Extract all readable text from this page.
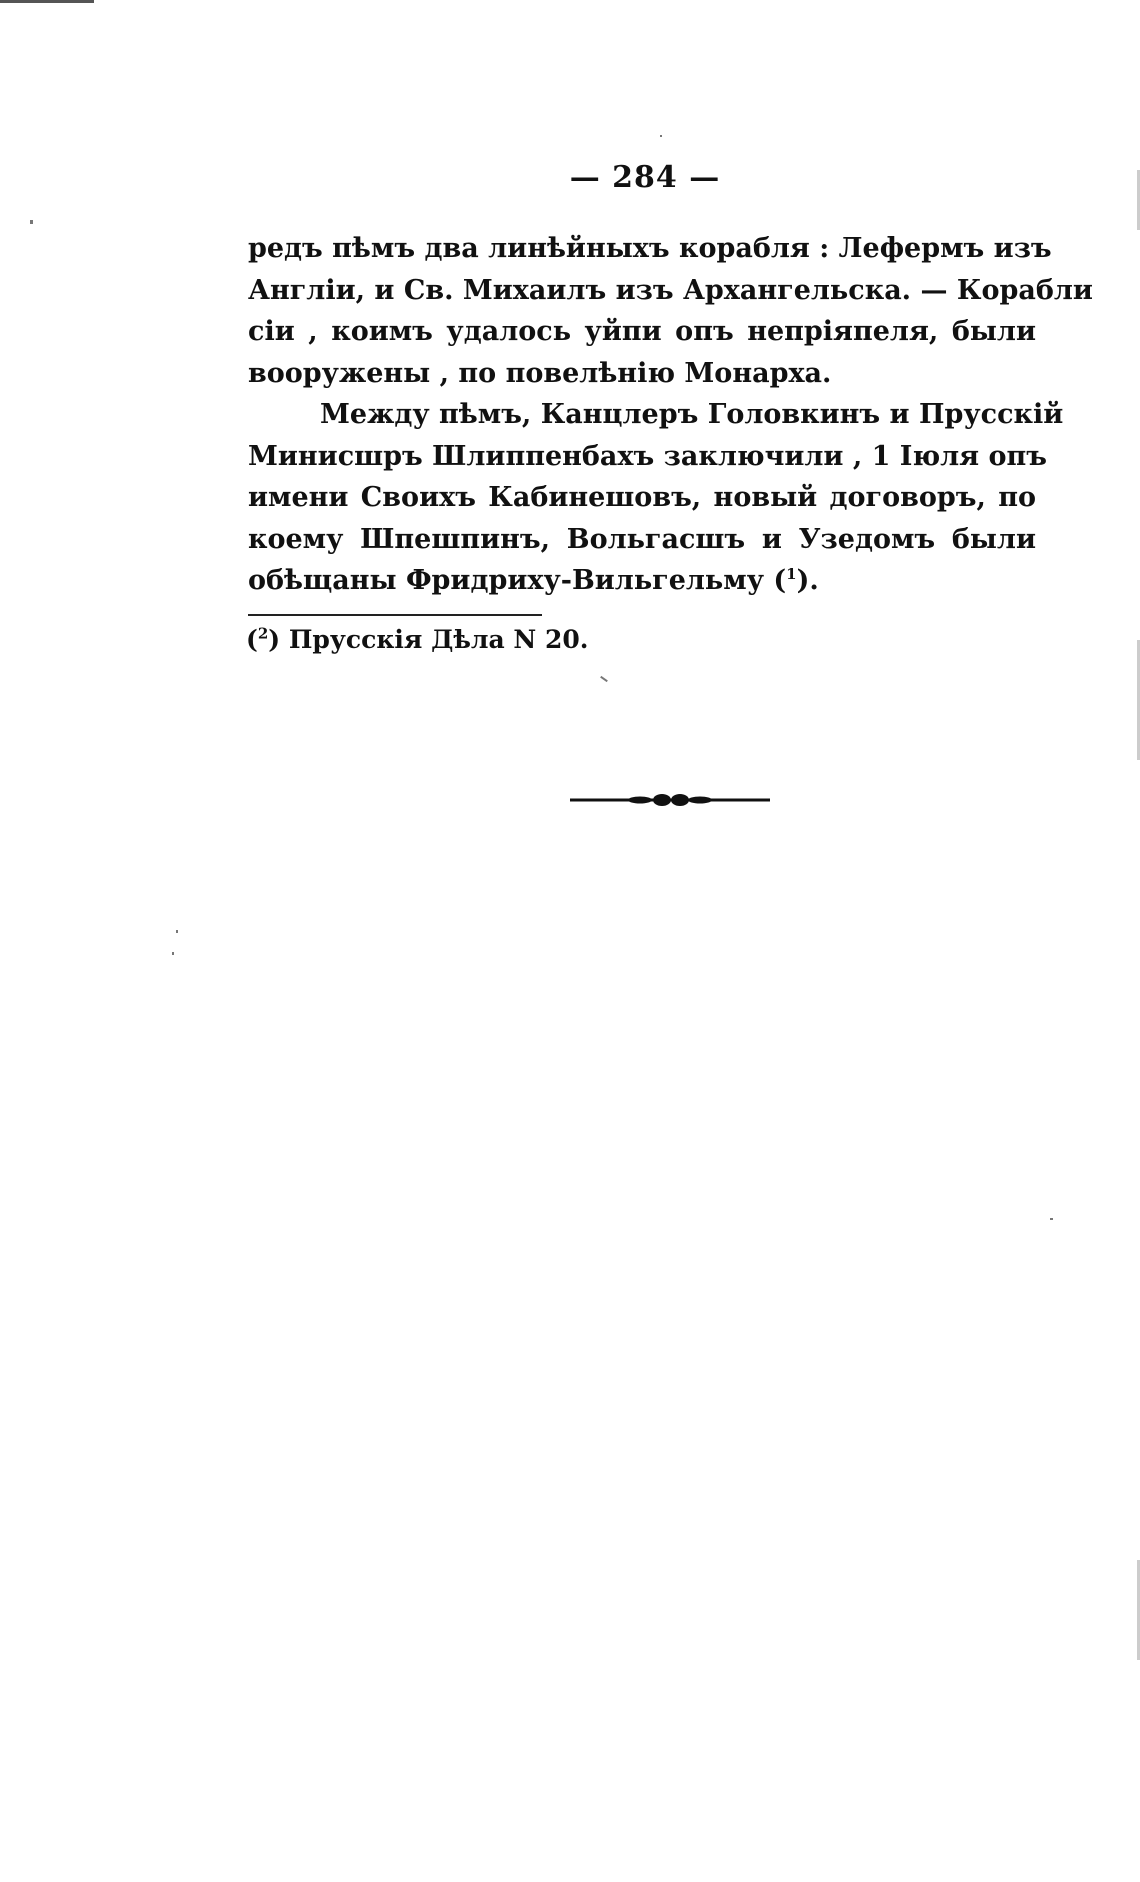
— 284 —
редъ пѣмъ два линѣйныхъ корабля : Лефермъ изъ
Англіи, и Св. Михаилъ изъ Архангельска. — Корабли
сіи , коимъ удалось уйпи опъ непріяпеля, были
вооружены , по повелѣнію Монарха.
Между пѣмъ, Канцлеръ Головкинъ и Прусскій
Минисшръ Шлиппенбахъ заключили , 1 Іюля опъ
имени Своихъ Кабинешовъ, новый договоръ, по
коему Шпешпинъ, Вольгасшъ и Узедомъ были
обѣщаны Фридриху-Вильгельму ($^1$).
($^2$) Прусскія Дѣла N 20.
